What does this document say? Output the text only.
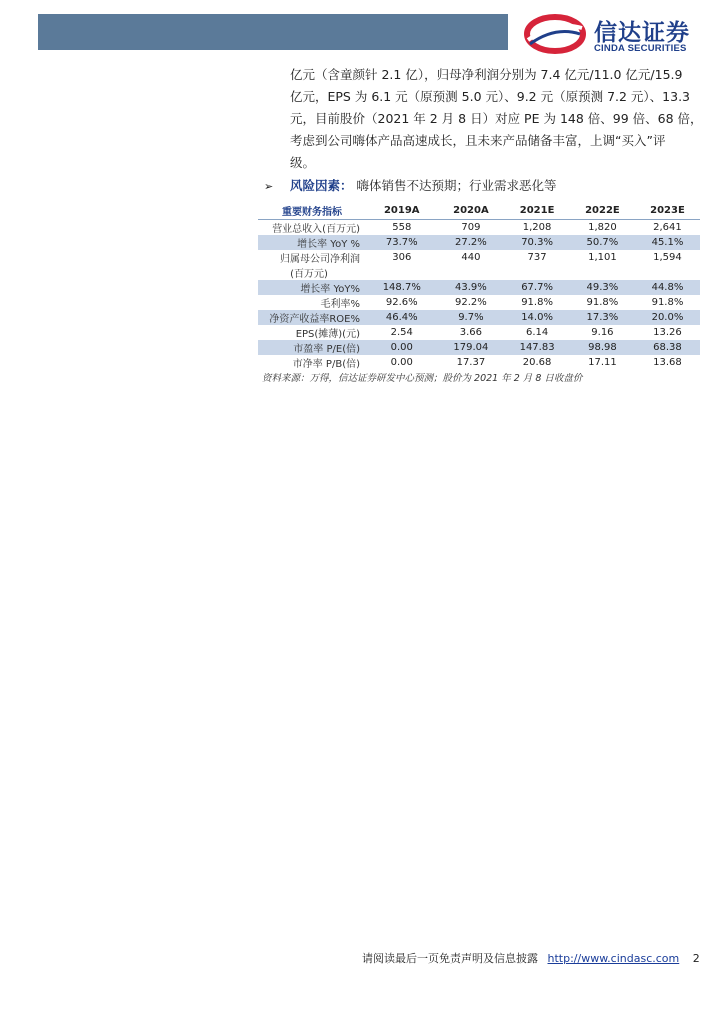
信达证券
CINDA SECURITIES
亿元（含童颜针 2.1 亿），归母净利润分别为 7.4 亿元/11.0 亿元/15.9
亿元，EPS 为 6.1 元（原预测 5.0 元）、9.2 元（原预测 7.2 元）、13.3
元，目前股价（2021 年 2 月 8 日）对应 PE 为 148 倍、99 倍、68 倍，
考虑到公司嗨体产品高速成长，且未来产品储备丰富，上调“买入”评
级。
➢ 风险因素： 嗨体销售不达预期；行业需求恶化等
重要财务指标	2019A	2020A	2021E	2022E	2023E
营业总收入(百万元)	558	709	1,208	1,820	2,641
增长率 YoY %	73.7%	27.2%	70.3%	50.7%	45.1%
归属母公司净利润	306	440	737	1,101	1,594
(百万元)					
增长率 YoY%	148.7%	43.9%	67.7%	49.3%	44.8%
毛利率%	92.6%	92.2%	91.8%	91.8%	91.8%
净资产收益率ROE%	46.4%	9.7%	14.0%	17.3%	20.0%
EPS(摊薄)(元)	2.54	3.66	6.14	9.16	13.26
市盈率 P/E(倍)	0.00	179.04	147.83	98.98	68.38
市净率 P/B(倍)	0.00	17.37	20.68	17.11	13.68
资料来源：万得，信达证券研发中心预测；股价为 2021 年 2 月 8 日收盘价
请阅读最后一页免责声明及信息披露 http://www.cindasc.com 2
